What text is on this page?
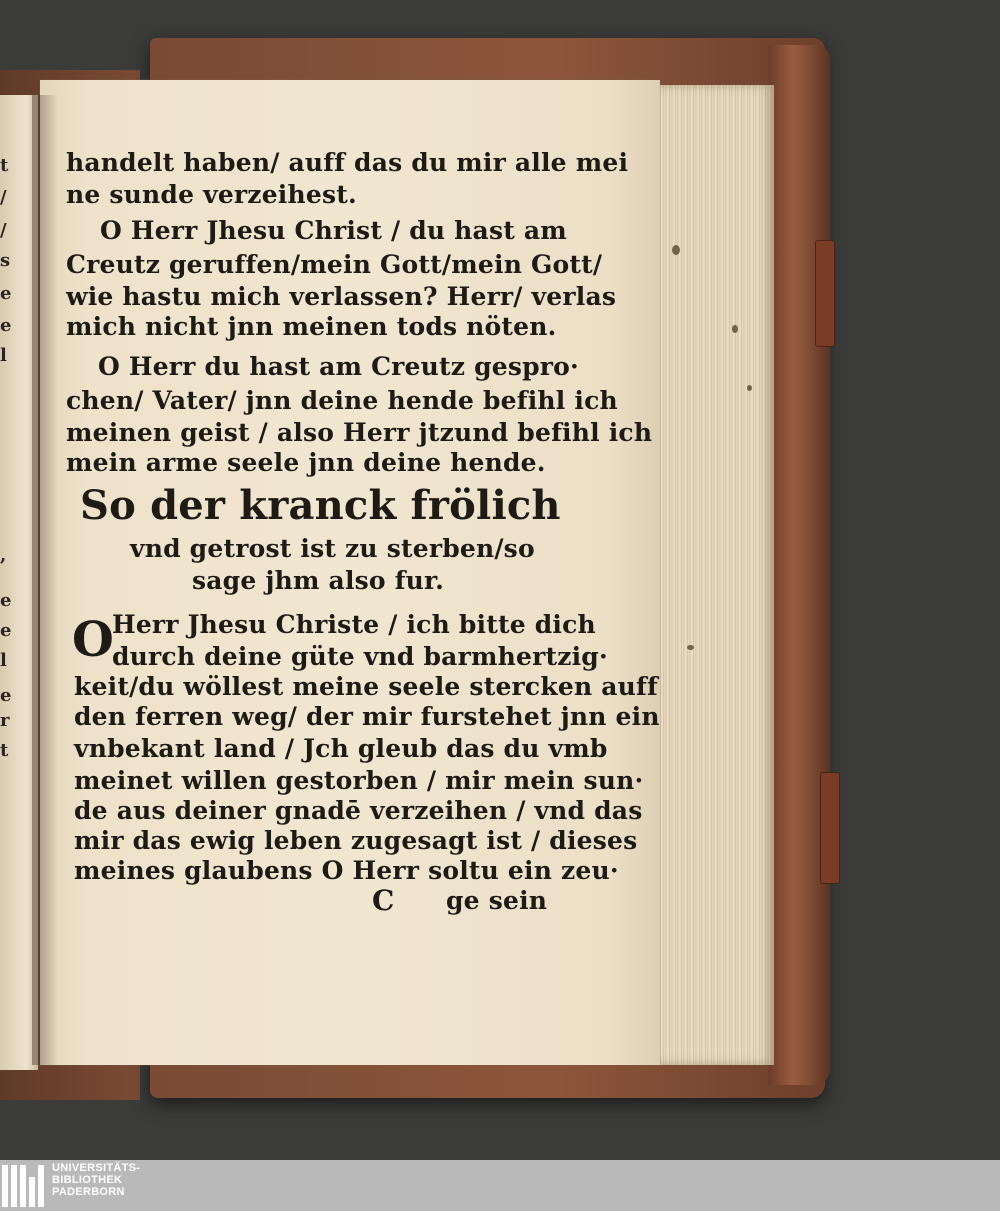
t
/
/
s
e
e
l
,
e
e
l
e
r
t
handelt haben/ auff das du mir alle mei
ne sunde verzeihest.
O Herr Jhesu Christ / du hast am
Creutz geruffen/mein Gott/mein Gott/
wie hastu mich verlassen? Herr/ verlas
mich nicht jnn meinen tods nöten.
O Herr du hast am Creutz gespro·
chen/ Vater/ jnn deine hende befihl ich
meinen geist / also Herr jtzund befihl ich
mein arme seele jnn deine hende.
So der kranck frölich
vnd getrost ist zu sterben/so
sage jhm also fur.
O
Herr Jhesu Christe / ich bitte dich
durch deine güte vnd barmhertzig·
keit/du wöllest meine seele stercken auff
den ferren weg/ der mir furstehet jnn ein
vnbekant land / Jch gleub das du vmb
meinet willen gestorben / mir mein sun·
de aus deiner gnadē verzeihen / vnd das
mir das ewig leben zugesagt ist / dieses
meines glaubens O Herr soltu ein zeu·
C ge sein
UNIVERSITÄTS-
BIBLIOTHEK
PADERBORN
